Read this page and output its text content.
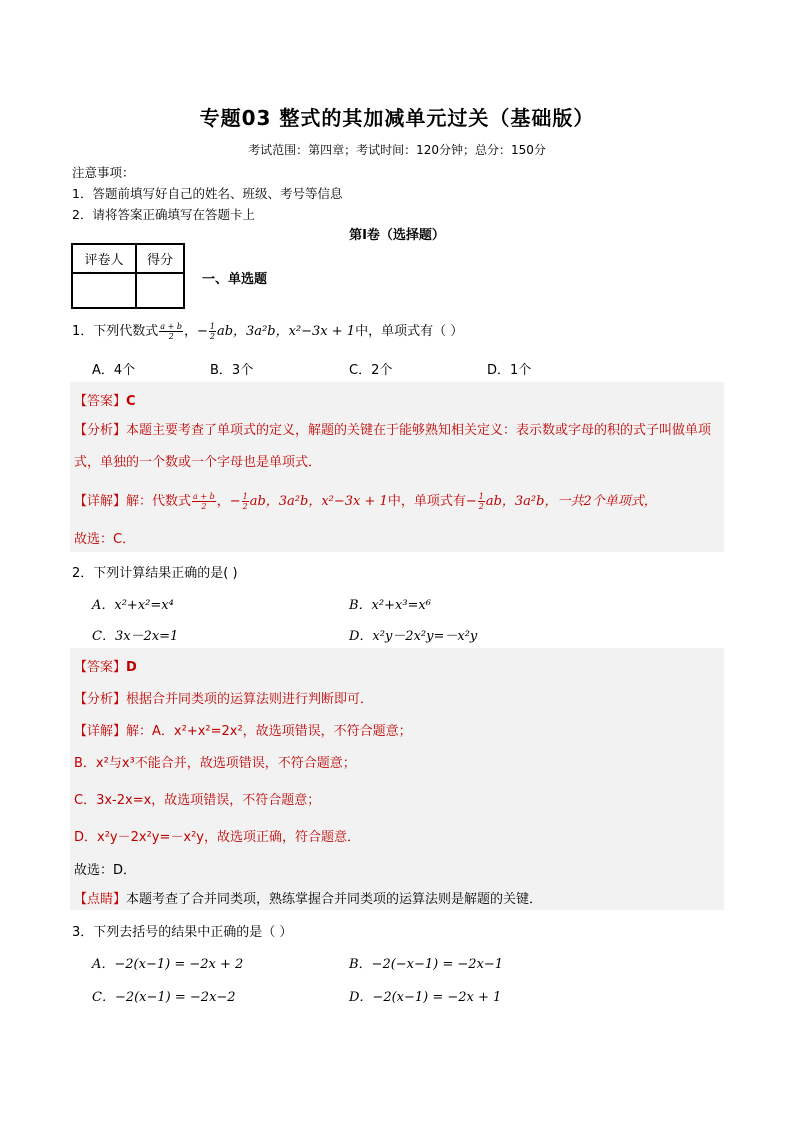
专题03 整式的其加减单元过关（基础版）
考试范围：第四章；考试时间：120分钟；总分：150分
注意事项：
1．答题前填写好自己的姓名、班级、考号等信息
2．请将答案正确填写在答题卡上
第I卷（选择题）
评卷人	得分

一、单选题
1．下列代数式 $\frac{a + b}{2}$ ，− $\frac{1}{2}$ ab，3a²b，x²−3x + 1中，单项式有（ ）
A．4个	B．3个	C．2个	D．1个
【答案】C
【分析】本题主要考查了单项式的定义，解题的关键在于能够熟知相关定义：表示数或字母的积的式子叫做单项式，单独的一个数或一个字母也是单项式．
【详解】解：代数式 $\frac{a + b}{2}$ ，− $\frac{1}{2}$ ab，3a²b，x²−3x + 1中，单项式有− $\frac{1}{2}$ ab，3a²b，一共2个单项式，
故选：C．
2．下列计算结果正确的是( )
A．x²+x²=x⁴	B．x²+x³=x⁶
C．3x－2x=1	D．x²y－2x²y=－x²y
【答案】D
【分析】根据合并同类项的运算法则进行判断即可．
【详解】解：A．x²+x²=2x²，故选项错误，不符合题意；
B．x²与x³不能合并，故选项错误，不符合题意；
C．3x-2x=x，故选项错误，不符合题意；
D．x²y－2x²y=－x²y，故选项正确，符合题意．
故选：D．
【点睛】本题考查了合并同类项，熟练掌握合并同类项的运算法则是解题的关键．
3．下列去括号的结果中正确的是（ ）
A．−2(x−1) = −2x + 2	B．−2(−x−1) = −2x−1
C．−2(x−1) = −2x−2	D．−2(x−1) = −2x + 1
